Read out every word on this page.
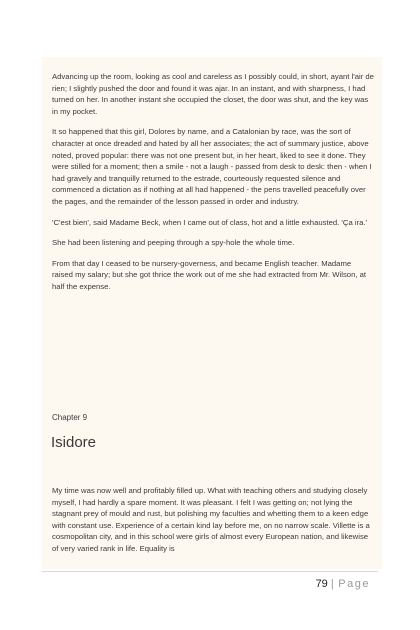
Advancing up the room, looking as cool and careless as I possibly could, in short, ayant l'air de rien; I slightly pushed the door and found it was ajar. In an instant, and with sharpness, I had turned on her. In another instant she occupied the closet, the door was shut, and the key was in my pocket.

It so happened that this girl, Dolores by name, and a Catalonian by race, was the sort of character at once dreaded and hated by all her associates; the act of summary justice, above noted, proved popular: there was not one present but, in her heart, liked to see it done. They were stilled for a moment; then a smile - not a laugh - passed from desk to desk: then - when I had gravely and tranquilly returned to the estrade, courteously requested silence and commenced a dictation as if nothing at all had happened - the pens travelled peacefully over the pages, and the remainder of the lesson passed in order and industry.

'C'est bien', said Madame Beck, when I came out of class, hot and a little exhausted. 'Ça ira.'

She had been listening and peeping through a spy-hole the whole time.

From that day I ceased to be nursery-governess, and became English teacher. Madame raised my salary; but she got thrice the work out of me she had extracted from Mr. Wilson, at half the expense.

Chapter 9
Isidore

My time was now well and profitably filled up. What with teaching others and studying closely myself, I had hardly a spare moment. It was pleasant. I felt I was getting on; not lying the stagnant prey of mould and rust, but polishing my faculties and whetting them to a keen edge with constant use. Experience of a certain kind lay before me, on no narrow scale. Villette is a cosmopolitan city, and in this school were girls of almost every European nation, and likewise of very varied rank in life. Equality is

79 | Page
